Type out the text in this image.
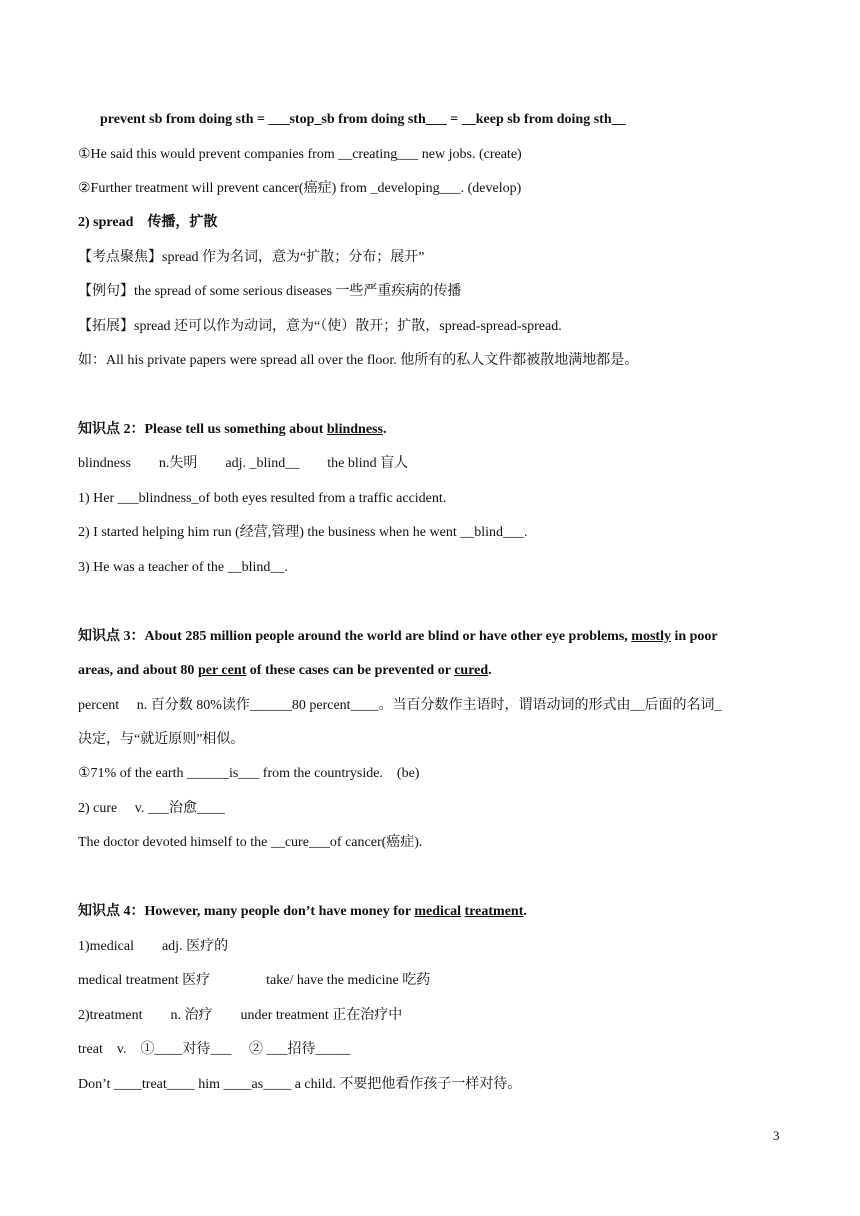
prevent sb from doing sth = ___stop_sb from doing sth___ = __keep sb from doing sth__
①He said this would prevent companies from __creating___ new jobs. (create)
②Further treatment will prevent cancer(癌症) from _developing___. (develop)
2) spread　传播，扩散
【考点聚焦】spread 作为名词，意为“扩散；分布；展开”
【例句】the spread of some serious diseases 一些严重疾病的传播
【拓展】spread 还可以作为动词，意为“（使）散开；扩散，spread-spread-spread.
如：All his private papers were spread all over the floor. 他所有的私人文件都被散地满地都是。
知识点 2：Please tell us something about blindness.
blindness　　n.失明　　adj. _blind__　　the blind 盲人
1) Her ___blindness_of both eyes resulted from a traffic accident.
2) I started helping him run (经营,管理) the business when he went __blind___.
3) He was a teacher of the __blind__.
知识点 3：About 285 million people around the world are blind or have other eye problems, mostly in poor
areas, and about 80 per cent of these cases can be prevented or cured.
percent　 n. 百分数 80%读作______80 percent____。当百分数作主语时，谓语动词的形式由__后面的名词_
决定，与“就近原则”相似。
①71% of the earth ______is___ from the countryside.　(be)
2) cure　 v. ___治愈____
The doctor devoted himself to the __cure___of cancer(癌症).
知识点 4：However, many people don’t have money for medical treatment.
1)medical　　adj. 医疗的
medical treatment 医疗　　　　take/ have the medicine 吃药
2)treatment　　n. 治疗　　under treatment 正在治疗中
treat　v.　①____对待___　 ② ___招待_____
Don’t ____treat____ him ____as____ a child. 不要把他看作孩子一样对待。
3
